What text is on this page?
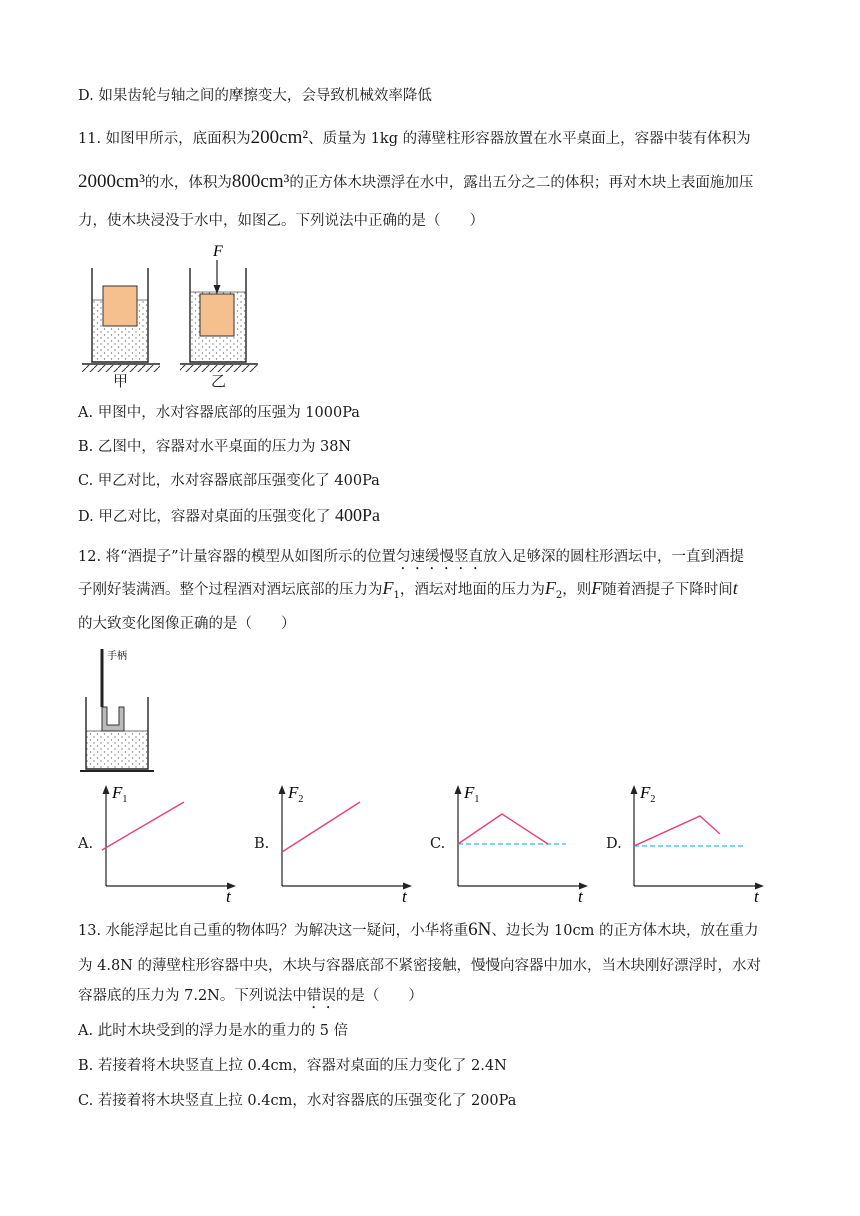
D. 如果齿轮与轴之间的摩擦变大，会导致机械效率降低
11. 如图甲所示，底面积为200cm²、质量为 1kg 的薄壁柱形容器放置在水平桌面上，容器中装有体积为
2000cm³的水，体积为800cm³的正方体木块漂浮在水中，露出五分之二的体积；再对木块上表面施加压
力，使木块浸没于水中，如图乙。下列说法中正确的是（　　）
F
甲	乙
A. 甲图中，水对容器底部的压强为 1000Pa
B. 乙图中，容器对水平桌面的压力为 38N
C. 甲乙对比，水对容器底部压强变化了 400Pa
D. 甲乙对比，容器对桌面的压强变化了 400Pa
12. 将“酒提子”计量容器的模型从如图所示的位置匀速缓慢竖直放入足够深的圆柱形酒坛中，一直到酒提
子刚好装满酒。整个过程酒对酒坛底部的压力为$F_1$，酒坛对地面的压力为$F_2$，则F随着酒提子下降时间t
的大致变化图像正确的是（　　）
手柄
A.
$F_1$
t
B.
$F_2$
t
C.
$F_1$
t
D.
$F_2$
t
13. 水能浮起比自己重的物体吗？为解决这一疑问，小华将重6N、边长为 10cm 的正方体木块，放在重力
为 4.8N 的薄壁柱形容器中央，木块与容器底部不紧密接触，慢慢向容器中加水，当木块刚好漂浮时，水对
容器底的压力为 7.2N。下列说法中错误的是（　　）
A. 此时木块受到的浮力是水的重力的 5 倍
B. 若接着将木块竖直上拉 0.4cm，容器对桌面的压力变化了 2.4N
C. 若接着将木块竖直上拉 0.4cm，水对容器底的压强变化了 200Pa
